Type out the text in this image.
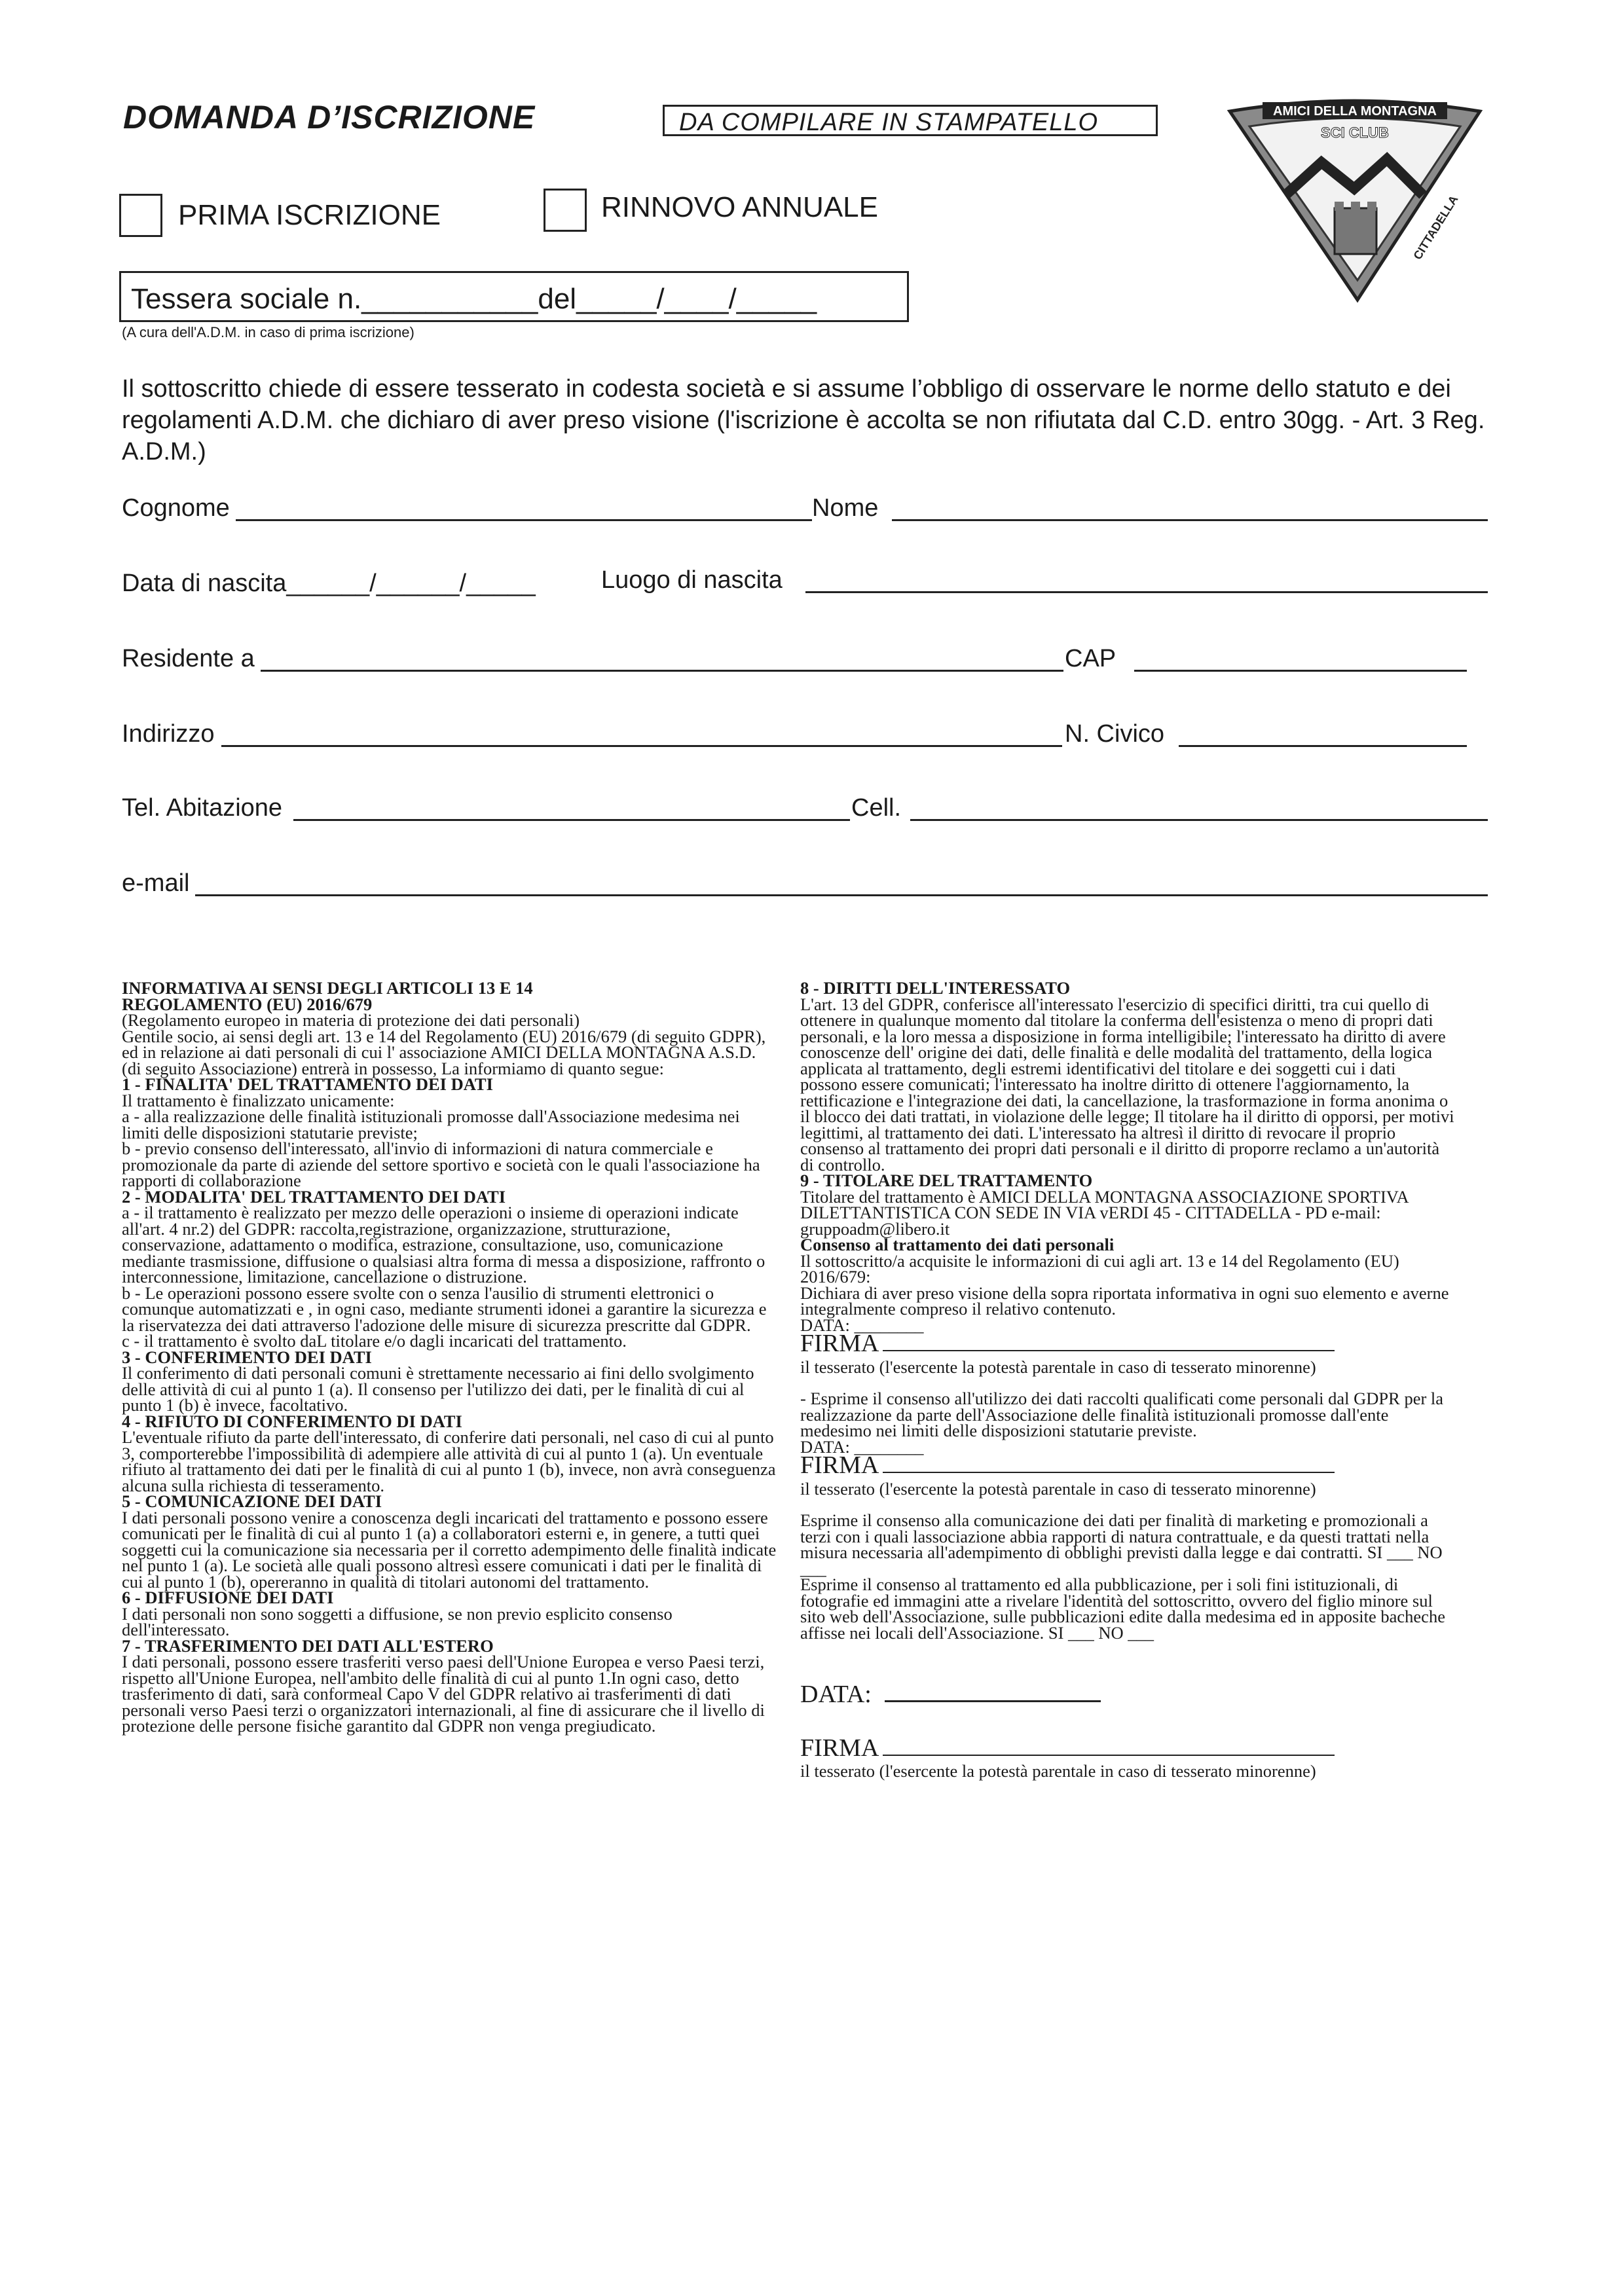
DOMANDA D’ISCRIZIONE	DA COMPILARE IN STAMPATELLO	AMICI DELLA MONTAGNA
SCI CLUB
CITTADELLA
PRIMA ISCRIZIONE	RINNOVO ANNUALE
Tessera sociale n.___________del_____/____/_____
(A cura dell'A.D.M. in caso di prima iscrizione)
Il sottoscritto chiede di essere tesserato in codesta società e si assume l’obbligo di osservare le norme dello statuto e dei regolamenti A.D.M. che dichiaro di aver preso visione (l'iscrizione è accolta se non rifiutata dal C.D. entro 30gg. - Art. 3 Reg. A.D.M.)
Cognome	Nome
Data di nascita______/______/_____	Luogo di nascita
Residente a	CAP
Indirizzo	N. Civico
Tel. Abitazione	Cell.
e-mail

INFORMATIVA AI SENSI DEGLI ARTICOLI 13 E 14

REGOLAMENTO (EU) 2016/679

(Regolamento europeo in materia di protezione dei dati personali)

Gentile socio, ai sensi degli art. 13 e 14 del Regolamento (EU) 2016/679 (di seguito GDPR), ed in relazione ai dati personali di cui l' associazione AMICI DELLA MONTAGNA A.S.D. (di seguito Associazione) entrerà in possesso, La informiamo di quanto segue:

1 - FINALITA' DEL TRATTAMENTO DEI DATI

Il trattamento è finalizzato unicamente:

a - alla realizzazione delle finalità istituzionali promosse dall'Associazione medesima nei limiti delle disposizioni statutarie previste;

b - previo consenso dell'interessato, all'invio di informazioni di natura commerciale e promozionale da parte di aziende del settore sportivo e società con le quali l'associazione ha rapporti di collaborazione

2 - MODALITA' DEL TRATTAMENTO DEI DATI

a - il trattamento è realizzato per mezzo delle operazioni o insieme di operazioni indicate all'art. 4 nr.2) del GDPR: raccolta,registrazione, organizzazione, strutturazione, conservazione, adattamento o modifica, estrazione, consultazione, uso, comunicazione mediante trasmissione, diffusione o qualsiasi altra forma di messa a disposizione, raffronto o interconnessione, limitazione, cancellazione o distruzione.

b - Le operazioni possono essere svolte con o senza l'ausilio di strumenti elettronici o comunque automatizzati e , in ogni caso, mediante strumenti idonei a garantire la sicurezza e la riservatezza dei dati attraverso l'adozione delle misure di sicurezza prescritte dal GDPR.

c - il trattamento è svolto daL titolare e/o dagli incaricati del trattamento.

3 - CONFERIMENTO DEI DATI

Il conferimento di dati personali comuni è strettamente necessario ai fini dello svolgimento delle attività di cui al punto 1 (a). Il consenso per l'utilizzo dei dati, per le finalità di cui al punto 1 (b) è invece, facoltativo.

4 - RIFIUTO DI CONFERIMENTO DI DATI

L'eventuale rifiuto da parte dell'interessato, di conferire dati personali, nel caso di cui al punto 3, comporterebbe l'impossibilità di adempiere alle attività di cui al punto 1 (a). Un eventuale rifiuto al trattamento dei dati per le finalità di cui al punto 1 (b), invece, non avrà conseguenza alcuna sulla richiesta di tesseramento.

5 - COMUNICAZIONE DEI DATI

I dati personali possono venire a conoscenza degli incaricati del trattamento e possono essere comunicati per le finalità di cui al punto 1 (a) a collaboratori esterni e, in genere, a tutti quei soggetti cui la comunicazione sia necessaria per il corretto adempimento delle finalità indicate nel punto 1 (a). Le società alle quali possono altresì essere comunicati i dati per le finalità di cui al punto 1 (b), opereranno in qualità di titolari autonomi del trattamento.

6 - DIFFUSIONE DEI DATI

I dati personali non sono soggetti a diffusione, se non previo esplicito consenso dell'interessato.

7 - TRASFERIMENTO DEI DATI ALL'ESTERO

I dati personali, possono essere trasferiti verso paesi dell'Unione Europea e verso Paesi terzi, rispetto all'Unione Europea, nell'ambito delle finalità di cui al punto 1.In ogni caso, detto trasferimento di dati, sarà conformeal Capo V del GDPR relativo ai trasferimenti di dati personali verso Paesi terzi o organizzatori internazionali, al fine di assicurare che il livello di protezione delle persone fisiche garantito dal GDPR non venga pregiudicato.

8 - DIRITTI DELL'INTERESSATO

L'art. 13 del GDPR, conferisce all'interessato l'esercizio di specifici diritti, tra cui quello di ottenere in qualunque momento dal titolare la conferma dell'esistenza o meno di propri dati personali, e la loro messa a disposizione in forma intelligibile; l'interessato ha diritto di avere conoscenze dell' origine dei dati, delle finalità e delle modalità del trattamento, della logica applicata al trattamento, degli estremi identificativi del titolare e dei soggetti cui i dati possono essere comunicati; l'interessato ha inoltre diritto di ottenere l'aggiornamento, la rettificazione e l'integrazione dei dati, la cancellazione, la trasformazione in forma anonima o il blocco dei dati trattati, in violazione delle legge; Il titolare ha il diritto di opporsi, per motivi legittimi, al trattamento dei dati. L'interessato ha altresì il diritto di revocare il proprio consenso al trattamento dei propri dati personali e il diritto di proporre reclamo a un'autorità di controllo.

9 - TITOLARE DEL TRATTAMENTO

Titolare del trattamento è AMICI DELLA MONTAGNA ASSOCIAZIONE SPORTIVA DILETTANTISTICA CON SEDE IN VIA vERDI 45 - CITTADELLA - PD e-mail: gruppoadm@libero.it

Consenso al trattamento dei dati personali

Il sottoscritto/a acquisite le informazioni di cui agli art. 13 e 14 del Regolamento (EU) 2016/679:

Dichiara di aver preso visione della sopra riportata informativa in ogni suo elemento e averne integralmente compreso il relativo contenuto.

DATA: ________

FIRMA

il tesserato (l'esercente la potestà parentale in caso di tesserato minorenne)

- Esprime il consenso all'utilizzo dei dati raccolti qualificati come personali dal GDPR per la realizzazione da parte dell'Associazione delle finalità istituzionali promosse dall'ente medesimo nei limiti delle disposizioni statutarie previste.

DATA: ________

FIRMA

il tesserato (l'esercente la potestà parentale in caso di tesserato minorenne)

Esprime il consenso alla comunicazione dei dati per finalità di marketing e promozionali a terzi con i quali lassociazione abbia rapporti di natura contrattuale, e da questi trattati nella misura necessaria all'adempimento di obblighi previsti dalla legge e dai contratti. SI ___ NO ___

Esprime il consenso al trattamento ed alla pubblicazione, per i soli fini istituzionali, di fotografie ed immagini atte a rivelare l'identità del sottoscritto, ovvero del figlio minore sul sito web dell'Associazione, sulle pubblicazioni edite dalla medesima ed in apposite bacheche affisse nei locali dell'Associazione. SI ___ NO ___

DATA:

FIRMA

il tesserato (l'esercente la potestà parentale in caso di tesserato minorenne)
